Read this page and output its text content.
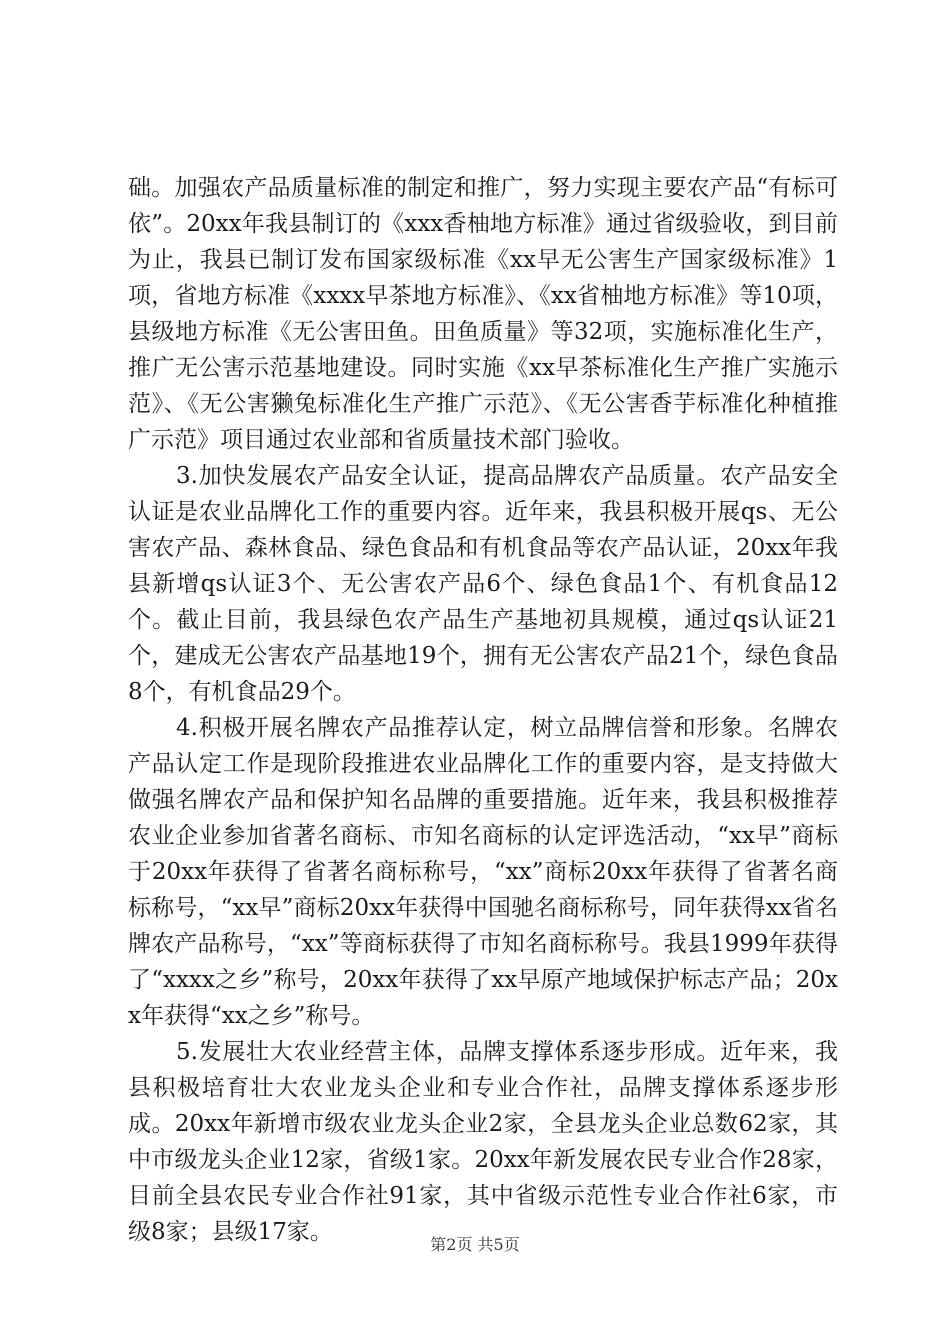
础。加强农产品质量标准的制定和推广，努力实现主要农产品“有标可依”。20xx年我县制订的《xxx香柚地方标准》通过省级验收，到目前为止，我县已制订发布国家级标准《xx早无公害生产国家级标准》1项，省地方标准《xxxx早茶地方标准》、《xx省柚地方标准》等10项，县级地方标准《无公害田鱼。田鱼质量》等32项，实施标准化生产，推广无公害示范基地建设。同时实施《xx早茶标准化生产推广实施示范》、《无公害獭兔标准化生产推广示范》、《无公害香芋标准化种植推广示范》项目通过农业部和省质量技术部门验收。

3.加快发展农产品安全认证，提高品牌农产品质量。农产品安全认证是农业品牌化工作的重要内容。近年来，我县积极开展qs、无公害农产品、森林食品、绿色食品和有机食品等农产品认证，20xx年我县新增qs认证3个、无公害农产品6个、绿色食品1个、有机食品12个。截止目前，我县绿色农产品生产基地初具规模，通过qs认证21个，建成无公害农产品基地19个，拥有无公害农产品21个，绿色食品8个，有机食品29个。

4.积极开展名牌农产品推荐认定，树立品牌信誉和形象。名牌农产品认定工作是现阶段推进农业品牌化工作的重要内容，是支持做大做强名牌农产品和保护知名品牌的重要措施。近年来，我县积极推荐农业企业参加省著名商标、市知名商标的认定评选活动，“xx早”商标于20xx年获得了省著名商标称号，“xx”商标20xx年获得了省著名商标称号，“xx早”商标20xx年获得中国驰名商标称号，同年获得xx省名牌农产品称号，“xx”等商标获得了市知名商标称号。我县1999年获得了“xxxx之乡”称号，20xx年获得了xx早原产地域保护标志产品；20xx年获得“xx之乡”称号。

5.发展壮大农业经营主体，品牌支撑体系逐步形成。近年来，我县积极培育壮大农业龙头企业和专业合作社，品牌支撑体系逐步形成。20xx年新增市级农业龙头企业2家，全县龙头企业总数62家，其中市级龙头企业12家，省级1家。20xx年新发展农民专业合作28家，目前全县农民专业合作社91家，其中省级示范性专业合作社6家，市级8家；县级17家。	第2页 共5页
